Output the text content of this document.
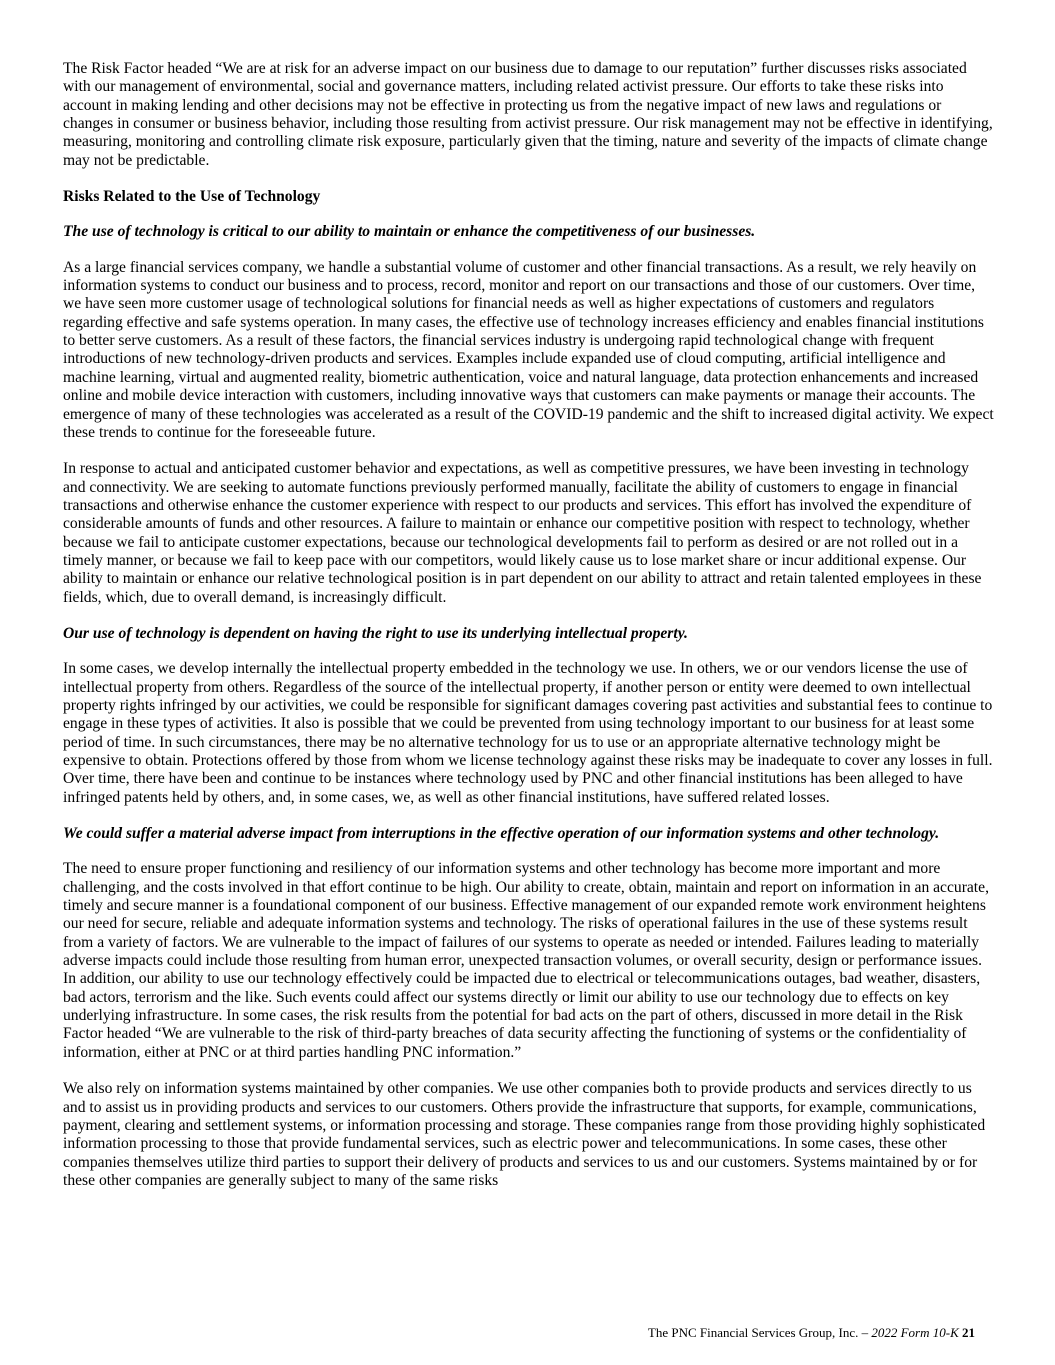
The Risk Factor headed “We are at risk for an adverse impact on our business due to damage to our reputation” further discusses risks associated with our management of environmental, social and governance matters, including related activist pressure. Our efforts to take these risks into account in making lending and other decisions may not be effective in protecting us from the negative impact of new laws and regulations or changes in consumer or business behavior, including those resulting from activist pressure. Our risk management may not be effective in identifying, measuring, monitoring and controlling climate risk exposure, particularly given that the timing, nature and severity of the impacts of climate change may not be predictable.

Risks Related to the Use of Technology

The use of technology is critical to our ability to maintain or enhance the competitiveness of our businesses.

As a large financial services company, we handle a substantial volume of customer and other financial transactions. As a result, we rely heavily on information systems to conduct our business and to process, record, monitor and report on our transactions and those of our customers. Over time, we have seen more customer usage of technological solutions for financial needs as well as higher expectations of customers and regulators regarding effective and safe systems operation. In many cases, the effective use of technology increases efficiency and enables financial institutions to better serve customers. As a result of these factors, the financial services industry is undergoing rapid technological change with frequent introductions of new technology-driven products and services. Examples include expanded use of cloud computing, artificial intelligence and machine learning, virtual and augmented reality, biometric authentication, voice and natural language, data protection enhancements and increased online and mobile device interaction with customers, including innovative ways that customers can make payments or manage their accounts. The emergence of many of these technologies was accelerated as a result of the COVID-19 pandemic and the shift to increased digital activity. We expect these trends to continue for the foreseeable future.

In response to actual and anticipated customer behavior and expectations, as well as competitive pressures, we have been investing in technology and connectivity. We are seeking to automate functions previously performed manually, facilitate the ability of customers to engage in financial transactions and otherwise enhance the customer experience with respect to our products and services. This effort has involved the expenditure of considerable amounts of funds and other resources. A failure to maintain or enhance our competitive position with respect to technology, whether because we fail to anticipate customer expectations, because our technological developments fail to perform as desired or are not rolled out in a timely manner, or because we fail to keep pace with our competitors, would likely cause us to lose market share or incur additional expense. Our ability to maintain or enhance our relative technological position is in part dependent on our ability to attract and retain talented employees in these fields, which, due to overall demand, is increasingly difficult.

Our use of technology is dependent on having the right to use its underlying intellectual property.

In some cases, we develop internally the intellectual property embedded in the technology we use. In others, we or our vendors license the use of intellectual property from others. Regardless of the source of the intellectual property, if another person or entity were deemed to own intellectual property rights infringed by our activities, we could be responsible for significant damages covering past activities and substantial fees to continue to engage in these types of activities. It also is possible that we could be prevented from using technology important to our business for at least some period of time. In such circumstances, there may be no alternative technology for us to use or an appropriate alternative technology might be expensive to obtain. Protections offered by those from whom we license technology against these risks may be inadequate to cover any losses in full. Over time, there have been and continue to be instances where technology used by PNC and other financial institutions has been alleged to have infringed patents held by others, and, in some cases, we, as well as other financial institutions, have suffered related losses.

We could suffer a material adverse impact from interruptions in the effective operation of our information systems and other technology.

The need to ensure proper functioning and resiliency of our information systems and other technology has become more important and more challenging, and the costs involved in that effort continue to be high. Our ability to create, obtain, maintain and report on information in an accurate, timely and secure manner is a foundational component of our business. Effective management of our expanded remote work environment heightens our need for secure, reliable and adequate information systems and technology. The risks of operational failures in the use of these systems result from a variety of factors. We are vulnerable to the impact of failures of our systems to operate as needed or intended. Failures leading to materially adverse impacts could include those resulting from human error, unexpected transaction volumes, or overall security, design or performance issues. In addition, our ability to use our technology effectively could be impacted due to electrical or telecommunications outages, bad weather, disasters, bad actors, terrorism and the like. Such events could affect our systems directly or limit our ability to use our technology due to effects on key underlying infrastructure. In some cases, the risk results from the potential for bad acts on the part of others, discussed in more detail in the Risk Factor headed “We are vulnerable to the risk of third-party breaches of data security affecting the functioning of systems or the confidentiality of information, either at PNC or at third parties handling PNC information.”

We also rely on information systems maintained by other companies. We use other companies both to provide products and services directly to us and to assist us in providing products and services to our customers. Others provide the infrastructure that supports, for example, communications, payment, clearing and settlement systems, or information processing and storage. These companies range from those providing highly sophisticated information processing to those that provide fundamental services, such as electric power and telecommunications. In some cases, these other companies themselves utilize third parties to support their delivery of products and services to us and our customers. Systems maintained by or for these other companies are generally subject to many of the same risks

The PNC Financial Services Group, Inc. – 2022 Form 10-K 21
